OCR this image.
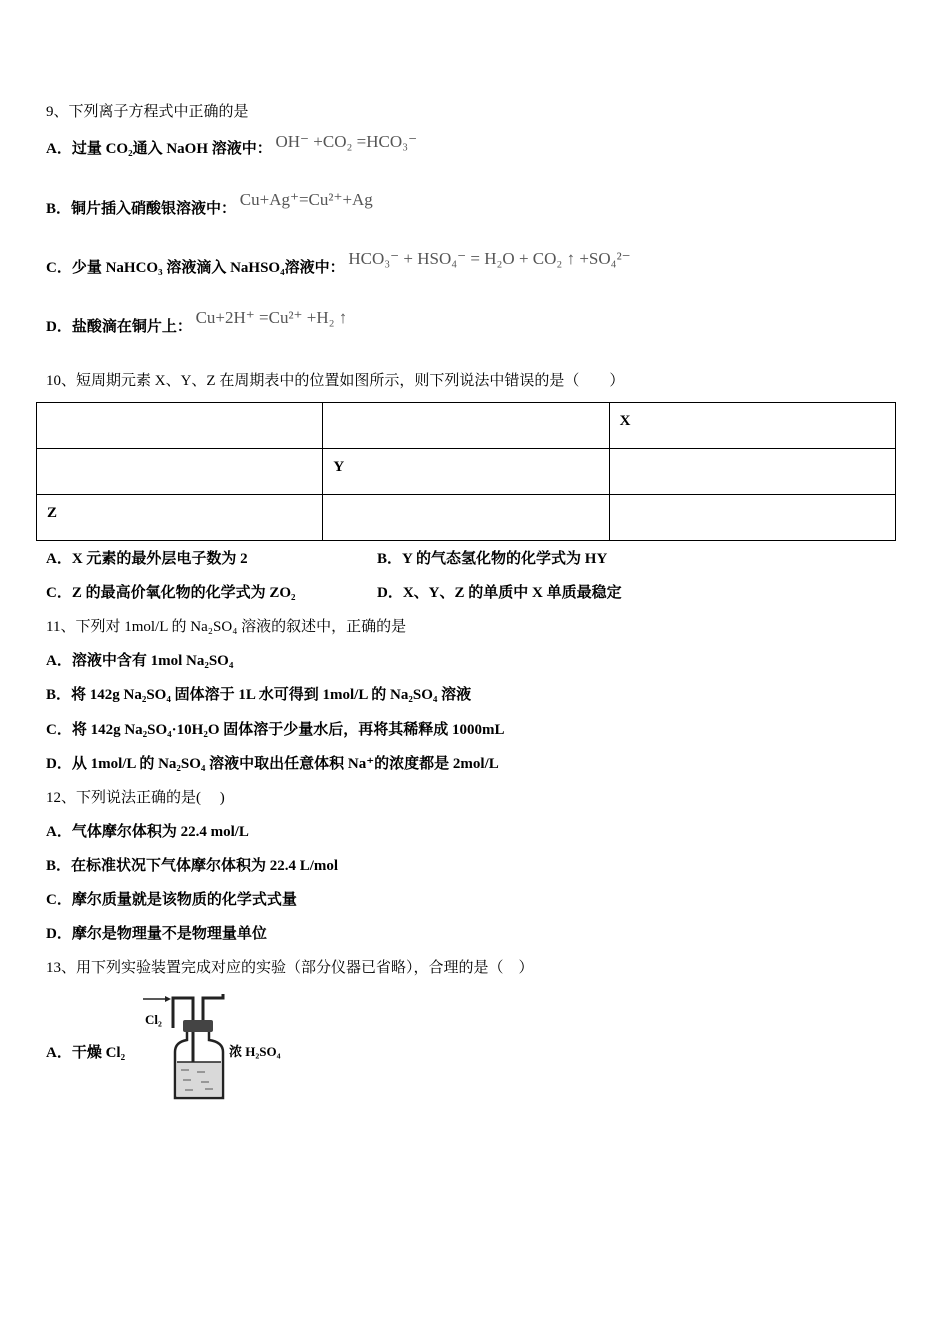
9、下列离子方程式中正确的是
A．过量 CO₂通入 NaOH 溶液中： OH⁻ +CO₂ =HCO₃⁻
B．铜片插入硝酸银溶液中： Cu+Ag⁺=Cu²⁺+Ag
C．少量 NaHCO₃ 溶液滴入 NaHSO₄溶液中： HCO₃⁻ + HSO₄⁻ = H₂O + CO₂ ↑ +SO₄²⁻
D．盐酸滴在铜片上： Cu+2H⁺ =Cu²⁺ +H₂ ↑
10、短周期元素 X、Y、Z 在周期表中的位置如图所示，则下列说法中错误的是（　　）
		X
	Y	
Z		
A．X 元素的最外层电子数为 2	B．Y 的气态氢化物的化学式为 HY
C．Z 的最高价氧化物的化学式为 ZO₂	D．X、Y、Z 的单质中 X 单质最稳定
11、下列对 1mol/L 的 Na₂SO₄ 溶液的叙述中，正确的是
A．溶液中含有 1mol Na₂SO₄
B．将 142g Na₂SO₄ 固体溶于 1L 水可得到 1mol/L 的 Na₂SO₄ 溶液
C．将 142g Na₂SO₄·10H₂O 固体溶于少量水后，再将其稀释成 1000mL
D．从 1mol/L 的 Na₂SO₄ 溶液中取出任意体积 Na⁺的浓度都是 2mol/L
12、下列说法正确的是(　 )
A．气体摩尔体积为 22.4 mol/L
B．在标准状况下气体摩尔体积为 22.4 L/mol
C．摩尔质量就是该物质的化学式式量
D．摩尔是物理量不是物理量单位
13、用下列实验装置完成对应的实验（部分仪器已省略），合理的是（　）
A．干燥 Cl₂
Cl₂
浓 H₂SO₄
